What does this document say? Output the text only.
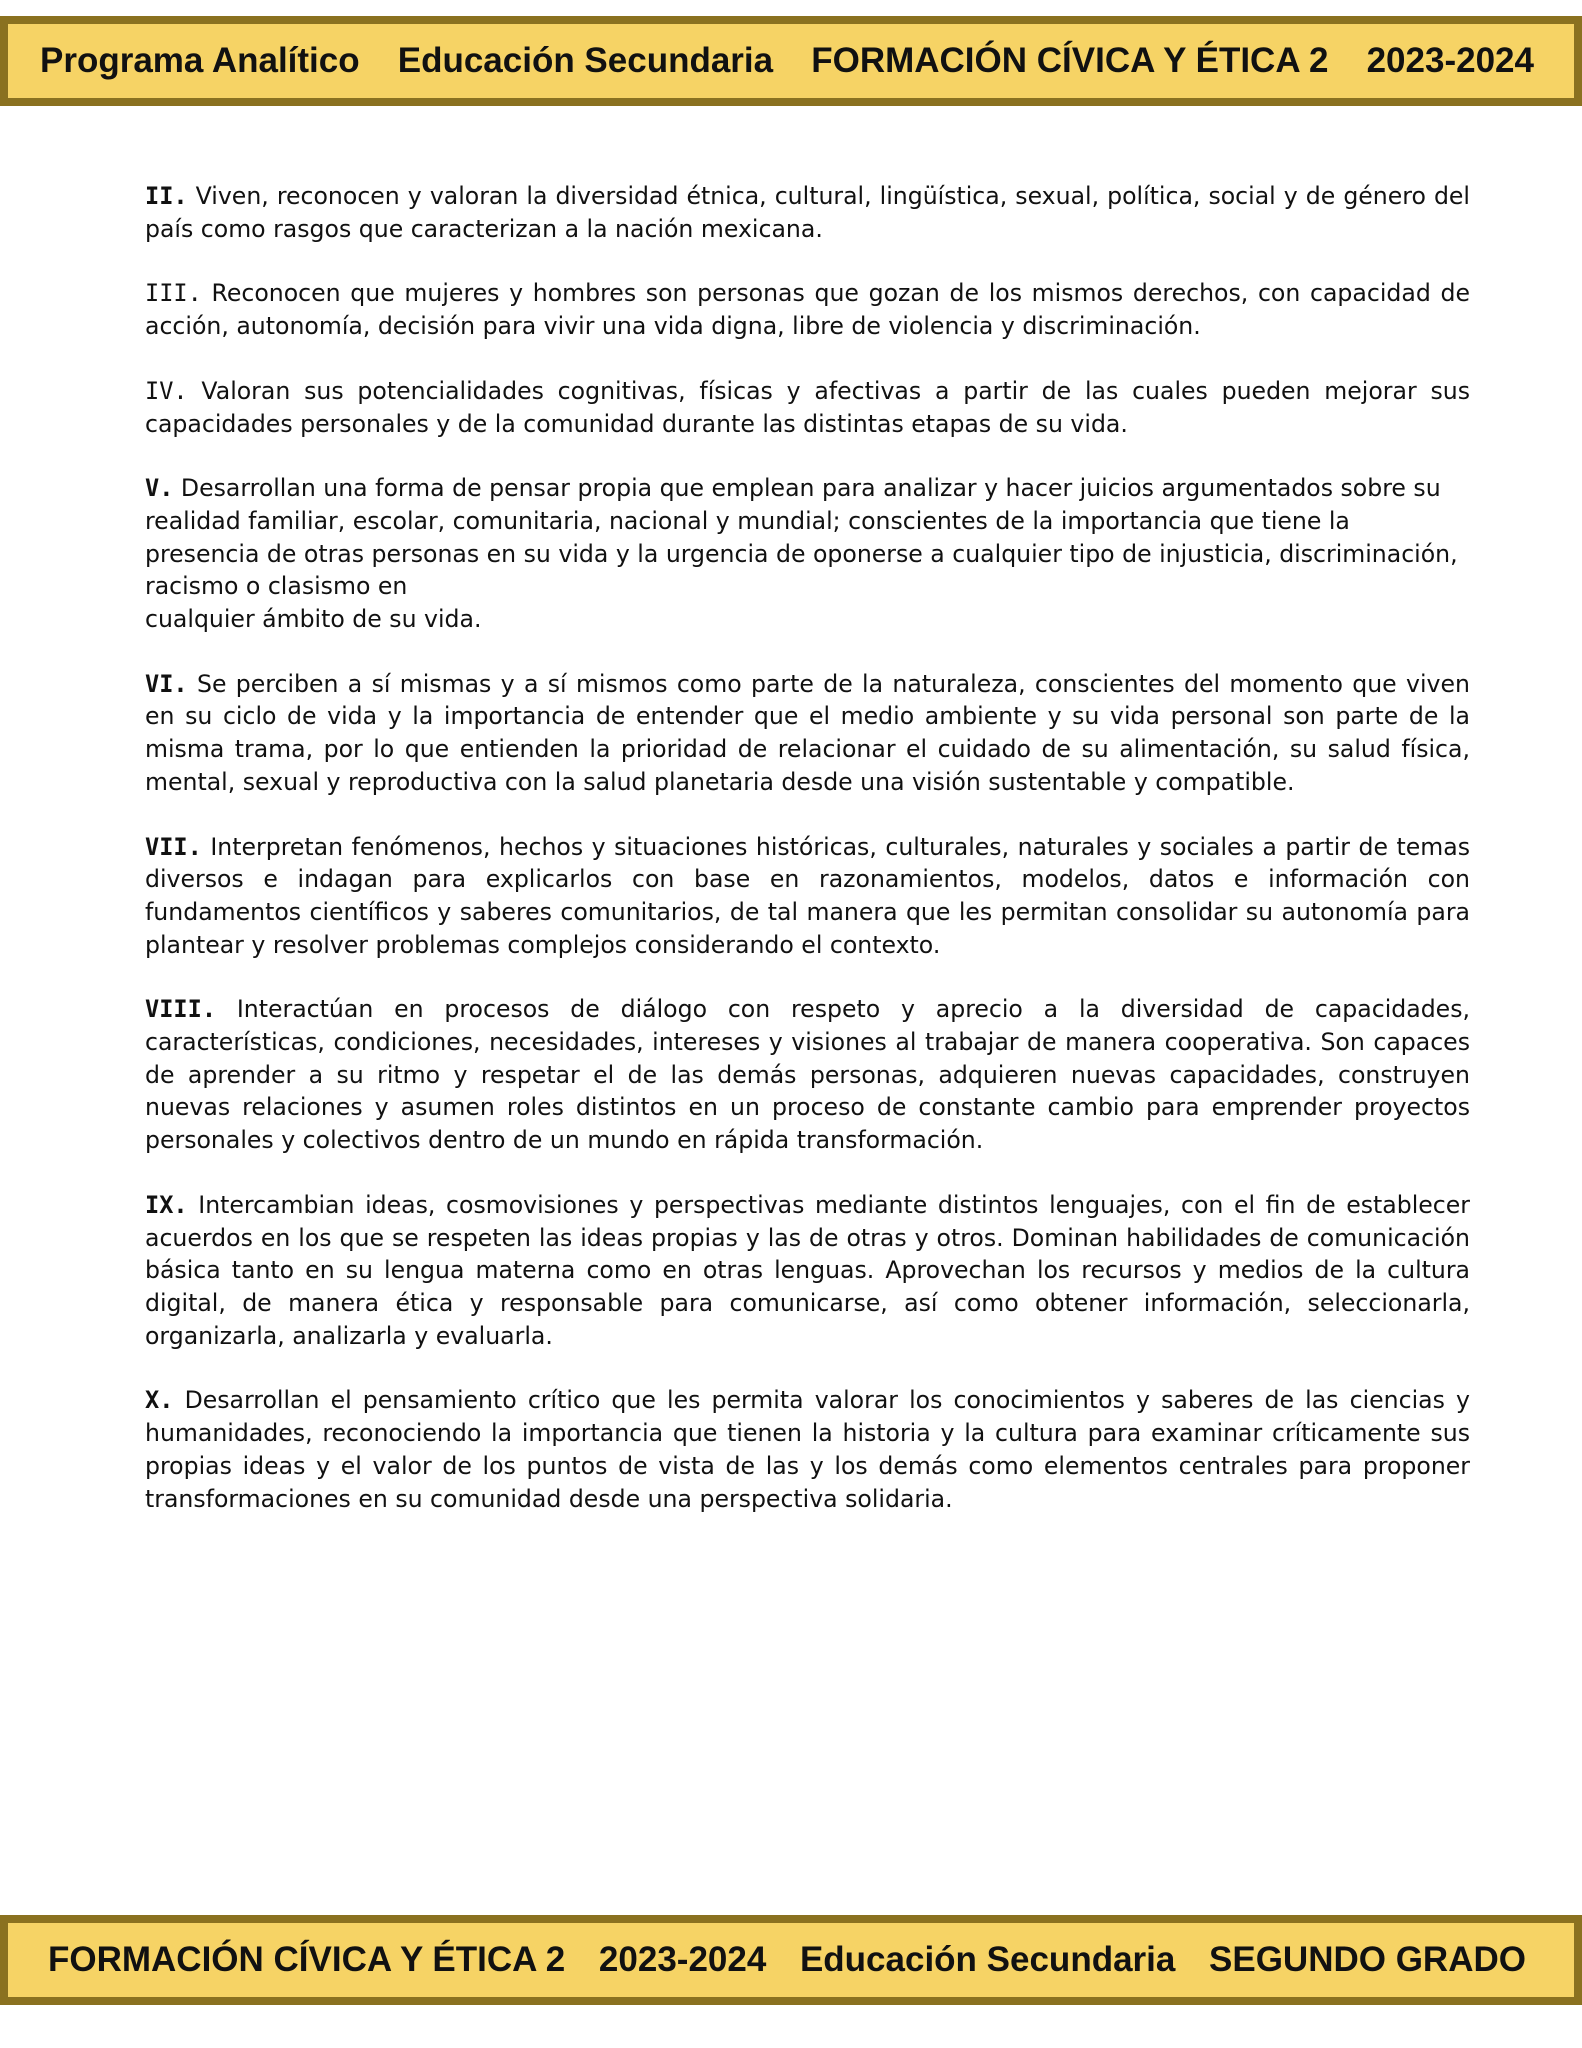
Programa Analítico Educación Secundaria FORMACIÓN CÍVICA Y ÉTICA 2 2023-2024

II. Viven, reconocen y valoran la diversidad étnica, cultural, lingüística, sexual, política, social y de género del país como rasgos que caracterizan a la nación mexicana.

III. Reconocen que mujeres y hombres son personas que gozan de los mismos derechos, con capacidad de acción, autonomía, decisión para vivir una vida digna, libre de violencia y discriminación.

IV. Valoran sus potencialidades cognitivas, físicas y afectivas a partir de las cuales pueden mejorar sus capacidades personales y de la comunidad durante las distintas etapas de su vida.

V. Desarrollan una forma de pensar propia que emplean para analizar y hacer juicios argumentados sobre su realidad familiar, escolar, comunitaria, nacional y mundial; conscientes de la importancia que tiene la presencia de otras personas en su vida y la urgencia de oponerse a cualquier tipo de injusticia, discriminación, racismo o clasismo en
cualquier ámbito de su vida.

VI. Se perciben a sí mismas y a sí mismos como parte de la naturaleza, conscientes del momento que viven en su ciclo de vida y la importancia de entender que el medio ambiente y su vida personal son parte de la misma trama, por lo que entienden la prioridad de relacionar el cuidado de su alimentación, su salud física, mental, sexual y reproductiva con la salud planetaria desde una visión sustentable y compatible.

VII. Interpretan fenómenos, hechos y situaciones históricas, culturales, naturales y sociales a partir de temas diversos e indagan para explicarlos con base en razonamientos, modelos, datos e información con fundamentos científicos y saberes comunitarios, de tal manera que les permitan consolidar su autonomía para plantear y resolver problemas complejos considerando el contexto.

VIII. Interactúan en procesos de diálogo con respeto y aprecio a la diversidad de capacidades, características, condiciones, necesidades, intereses y visiones al trabajar de manera cooperativa. Son capaces de aprender a su ritmo y respetar el de las demás personas, adquieren nuevas capacidades, construyen nuevas relaciones y asumen roles distintos en un proceso de constante cambio para emprender proyectos personales y colectivos dentro de un mundo en rápida transformación.

IX. Intercambian ideas, cosmovisiones y perspectivas mediante distintos lenguajes, con el fin de establecer acuerdos en los que se respeten las ideas propias y las de otras y otros. Dominan habilidades de comunicación básica tanto en su lengua materna como en otras lenguas. Aprovechan los recursos y medios de la cultura digital, de manera ética y responsable para comunicarse, así como obtener información, seleccionarla, organizarla, analizarla y evaluarla.

X. Desarrollan el pensamiento crítico que les permita valorar los conocimientos y saberes de las ciencias y humanidades, reconociendo la importancia que tienen la historia y la cultura para examinar críticamente sus propias ideas y el valor de los puntos de vista de las y los demás como elementos centrales para proponer transformaciones en su comunidad desde una perspectiva solidaria.

FORMACIÓN CÍVICA Y ÉTICA 2 2023-2024 Educación Secundaria SEGUNDO GRADO
